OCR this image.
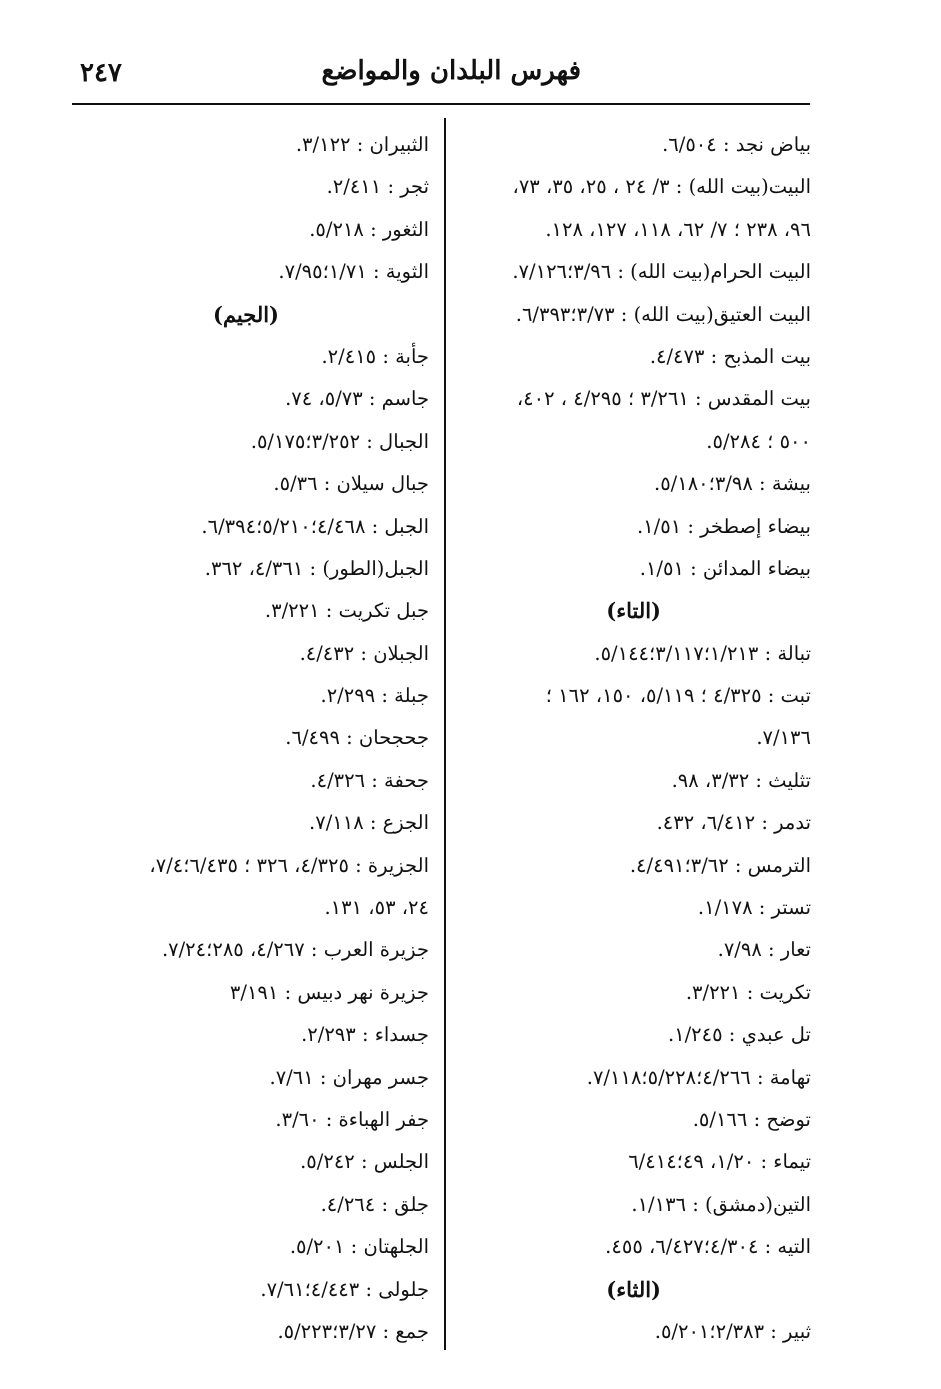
٢٤٧	فهرس البلدان والمواضع
بياض نجد : ٦/٥٠٤.
البيت(بيت الله) : ٣/ ٢٤ ، ٢٥، ٣٥، ٧٣،
٩٦، ٢٣٨ ؛ ٧/ ٦٢، ١١٨، ١٢٧، ١٢٨.
البيت الحرام(بيت الله) : ٣/٩٦؛٧/١٢٦.
البيت العتيق(بيت الله) : ٣/٧٣؛٦/٣٩٣.
بيت المذبح : ٤/٤٧٣.
بيت المقدس : ٣/٢٦١ ؛ ٤/٢٩٥ ، ٤٠٢،
٥٠٠ ؛ ٥/٢٨٤.
بيشة : ٣/٩٨؛٥/١٨٠.
بيضاء إصطخر : ١/٥١.
بيضاء المدائن : ١/٥١.
(التاء)
تبالة : ١/٢١٣؛٣/١١٧؛٥/١٤٤.
تبت : ٤/٣٢٥ ؛ ٥/١١٩، ١٥٠، ١٦٢ ؛
٧/١٣٦.
تثليث : ٣/٣٢، ٩٨.
تدمر : ٦/٤١٢، ٤٣٢.
الترمس : ٣/٦٢؛٤/٤٩١.
تستر : ١/١٧٨.
تعار : ٧/٩٨.
تكريت : ٣/٢٢١.
تل عبدي : ١/٢٤٥.
تهامة : ٤/٢٦٦؛٥/٢٢٨؛٧/١١٨.
توضح : ٥/١٦٦.
تيماء : ١/٢٠، ٤٩؛٦/٤١٤
التين(دمشق) : ١/١٣٦.
التيه : ٤/٣٠٤؛٦/٤٢٧، ٤٥٥.
(الثاء)
ثبير : ٢/٣٨٣؛٥/٢٠١.
الثبيران : ٣/١٢٢.
ثجر : ٢/٤١١.
الثغور : ٥/٢١٨.
الثوية : ١/٧١؛٧/٩٥.
(الجيم)
جأبة : ٢/٤١٥.
جاسم : ٥/٧٣، ٧٤.
الجبال : ٣/٢٥٢؛٥/١٧٥.
جبال سيلان : ٥/٣٦.
الجبل : ٤/٤٦٨؛٥/٢١٠؛٦/٣٩٤.
الجبل(الطور) : ٤/٣٦١، ٣٦٢.
جبل تكريت : ٣/٢٢١.
الجبلان : ٤/٤٣٢.
جبلة : ٢/٢٩٩.
جحجحان : ٦/٤٩٩.
جحفة : ٤/٣٢٦.
الجزع : ٧/١١٨.
الجزيرة : ٤/٣٢٥، ٣٢٦ ؛ ٦/٤٣٥؛٧/٤،
٢٤، ٥٣، ١٣١.
جزيرة العرب : ٤/٢٦٧، ٢٨٥؛٧/٢٤.
جزيرة نهر دبيس : ٣/١٩١
جسداء : ٢/٢٩٣.
جسر مهران : ٧/٦١.
جفر الهباءة : ٣/٦٠.
الجلس : ٥/٢٤٢.
جلق : ٤/٢٦٤.
الجلهتان : ٥/٢٠١.
جلولى : ٤/٤٤٣؛٧/٦١.
جمع : ٣/٢٧؛٥/٢٢٣.
